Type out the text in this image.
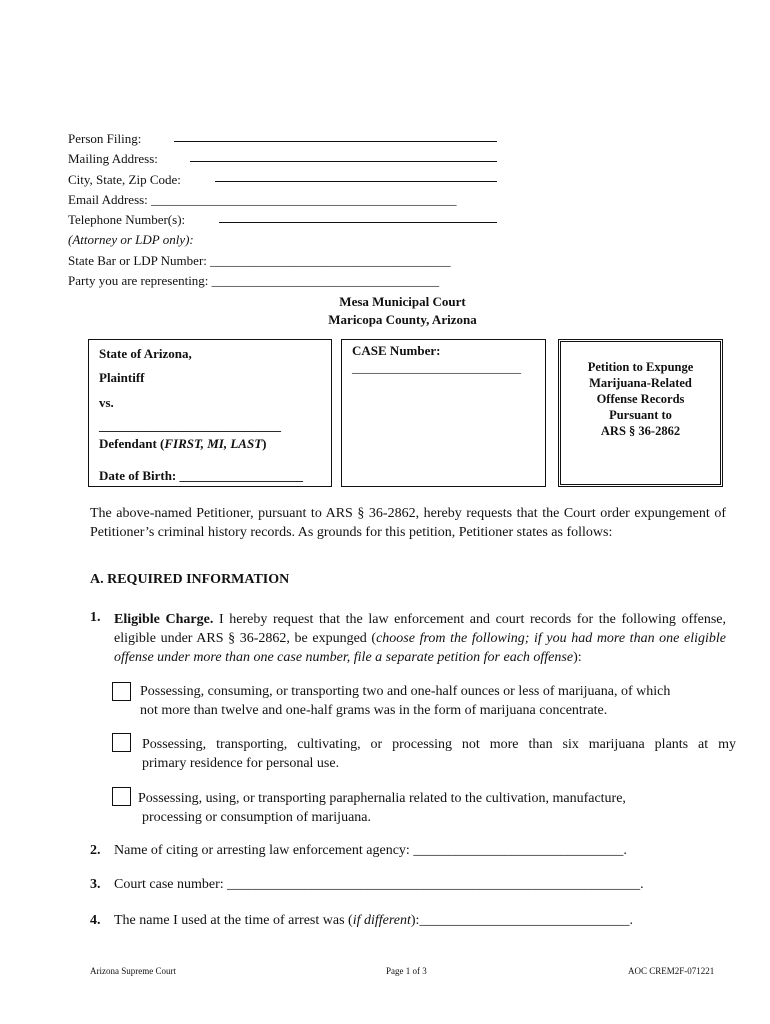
Person Filing:
Mailing Address:
City, State, Zip Code:
Email Address: _______________________________________________
Telephone Number(s):
(Attorney or LDP only):
State Bar or LDP Number: _____________________________________
Party you are representing: ___________________________________
Mesa Municipal Court
Maricopa County, Arizona
State of Arizona,
Plaintiff
vs.
____________________________
Defendant (FIRST, MI, LAST)
Date of Birth: ___________________
CASE Number:
__________________________	Petition to Expunge
Marijuana-Related
Offense Records
Pursuant to
ARS § 36-2862
The above-named Petitioner, pursuant to ARS § 36-2862, hereby requests that the Court order expungement of Petitioner’s criminal history records. As grounds for this petition, Petitioner states as follows:
A. REQUIRED INFORMATION
1. Eligible Charge. I hereby request that the law enforcement and court records for the following offense, eligible under ARS § 36-2862, be expunged (choose from the following; if you had more than one eligible offense under more than one case number, file a separate petition for each offense):
Possessing, consuming, or transporting two and one-half ounces or less of marijuana, of which
not more than twelve and one-half grams was in the form of marijuana concentrate.
Possessing, transporting, cultivating, or processing not more than six marijuana plants at my
primary residence for personal use.
Possessing, using, or transporting paraphernalia related to the cultivation, manufacture,
processing or consumption of marijuana.
2. Name of citing or arresting law enforcement agency: ______________________________.
3. Court case number: ___________________________________________________________.
4. The name I used at the time of arrest was (if different):______________________________.
Arizona Supreme Court	Page 1 of 3	AOC CREM2F-071221
